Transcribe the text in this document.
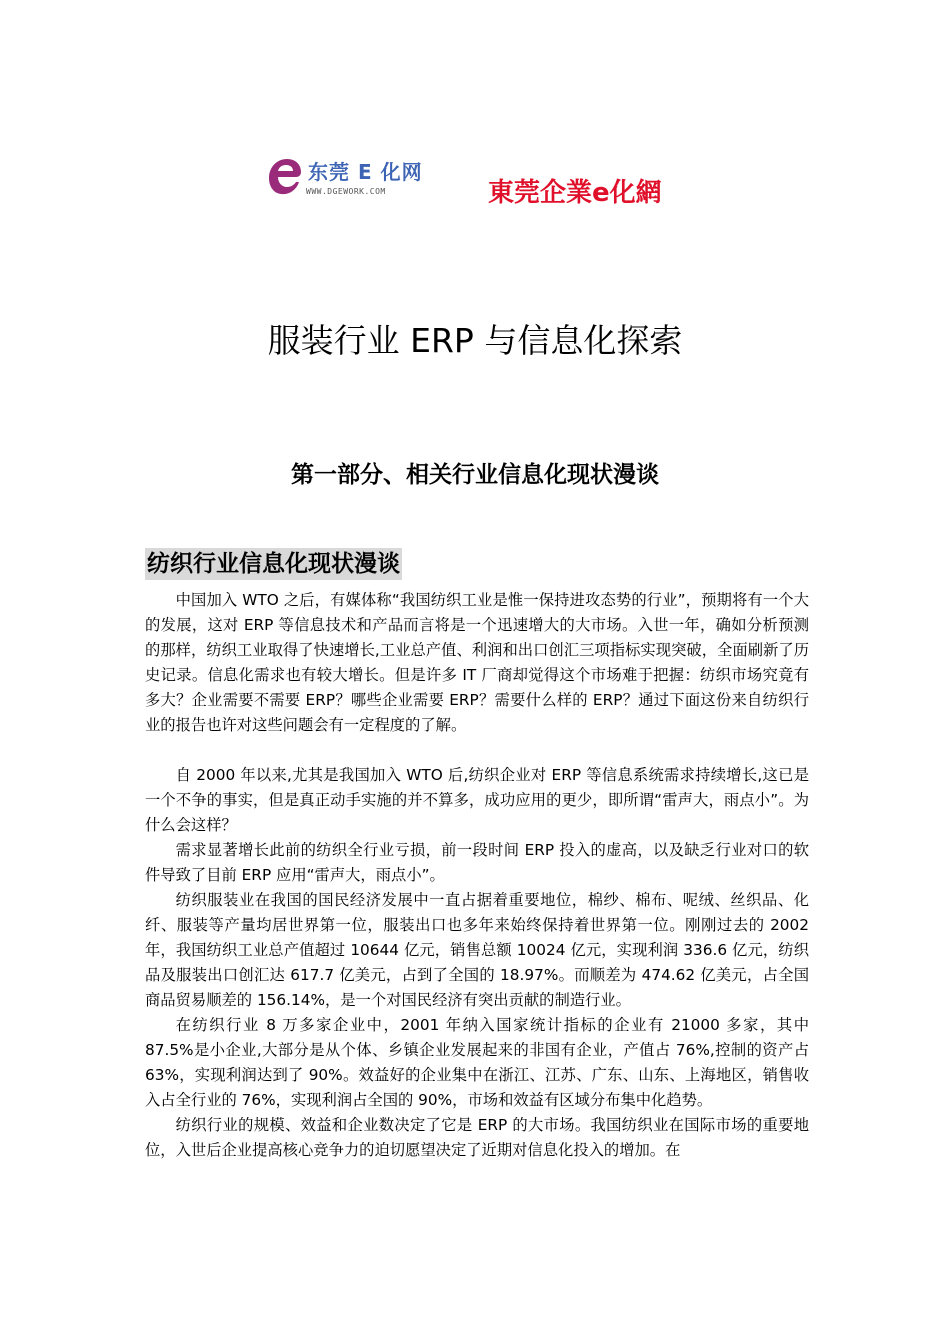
东莞 E 化网
WWW.DGEWORK.COM	東莞企業e化網
服装行业 ERP 与信息化探索
第一部分、相关行业信息化现状漫谈
纺织行业信息化现状漫谈

中国加入 WTO 之后，有媒体称“我国纺织工业是惟一保持进攻态势的行业”，预期将有一个大的发展，这对 ERP 等信息技术和产品而言将是一个迅速增大的大市场。入世一年，确如分析预测的那样，纺织工业取得了快速增长,工业总产值、利润和出口创汇三项指标实现突破，全面刷新了历史记录。信息化需求也有较大增长。但是许多 IT 厂商却觉得这个市场难于把握：纺织市场究竟有多大？企业需要不需要 ERP？哪些企业需要 ERP？需要什么样的 ERP？通过下面这份来自纺织行业的报告也许对这些问题会有一定程度的了解。

自 2000 年以来,尤其是我国加入 WTO 后,纺织企业对 ERP 等信息系统需求持续增长,这已是一个不争的事实，但是真正动手实施的并不算多，成功应用的更少，即所谓“雷声大，雨点小”。为什么会这样？

需求显著增长此前的纺织全行业亏损，前一段时间 ERP 投入的虚高，以及缺乏行业对口的软件导致了目前 ERP 应用“雷声大，雨点小”。

纺织服装业在我国的国民经济发展中一直占据着重要地位，棉纱、棉布、呢绒、丝织品、化纤、服装等产量均居世界第一位，服装出口也多年来始终保持着世界第一位。刚刚过去的 2002 年，我国纺织工业总产值超过 10644 亿元，销售总额 10024 亿元，实现利润 336.6 亿元，纺织品及服装出口创汇达 617.7 亿美元，占到了全国的 18.97%。而顺差为 474.62 亿美元，占全国商品贸易顺差的 156.14%，是一个对国民经济有突出贡献的制造行业。

在纺织行业 8 万多家企业中，2001 年纳入国家统计指标的企业有 21000 多家，其中 87.5%是小企业,大部分是从个体、乡镇企业发展起来的非国有企业，产值占 76%,控制的资产占 63%，实现利润达到了 90%。效益好的企业集中在浙江、江苏、广东、山东、上海地区，销售收入占全行业的 76%，实现利润占全国的 90%，市场和效益有区域分布集中化趋势。

纺织行业的规模、效益和企业数决定了它是 ERP 的大市场。我国纺织业在国际市场的重要地位，入世后企业提高核心竞争力的迫切愿望决定了近期对信息化投入的增加。在
